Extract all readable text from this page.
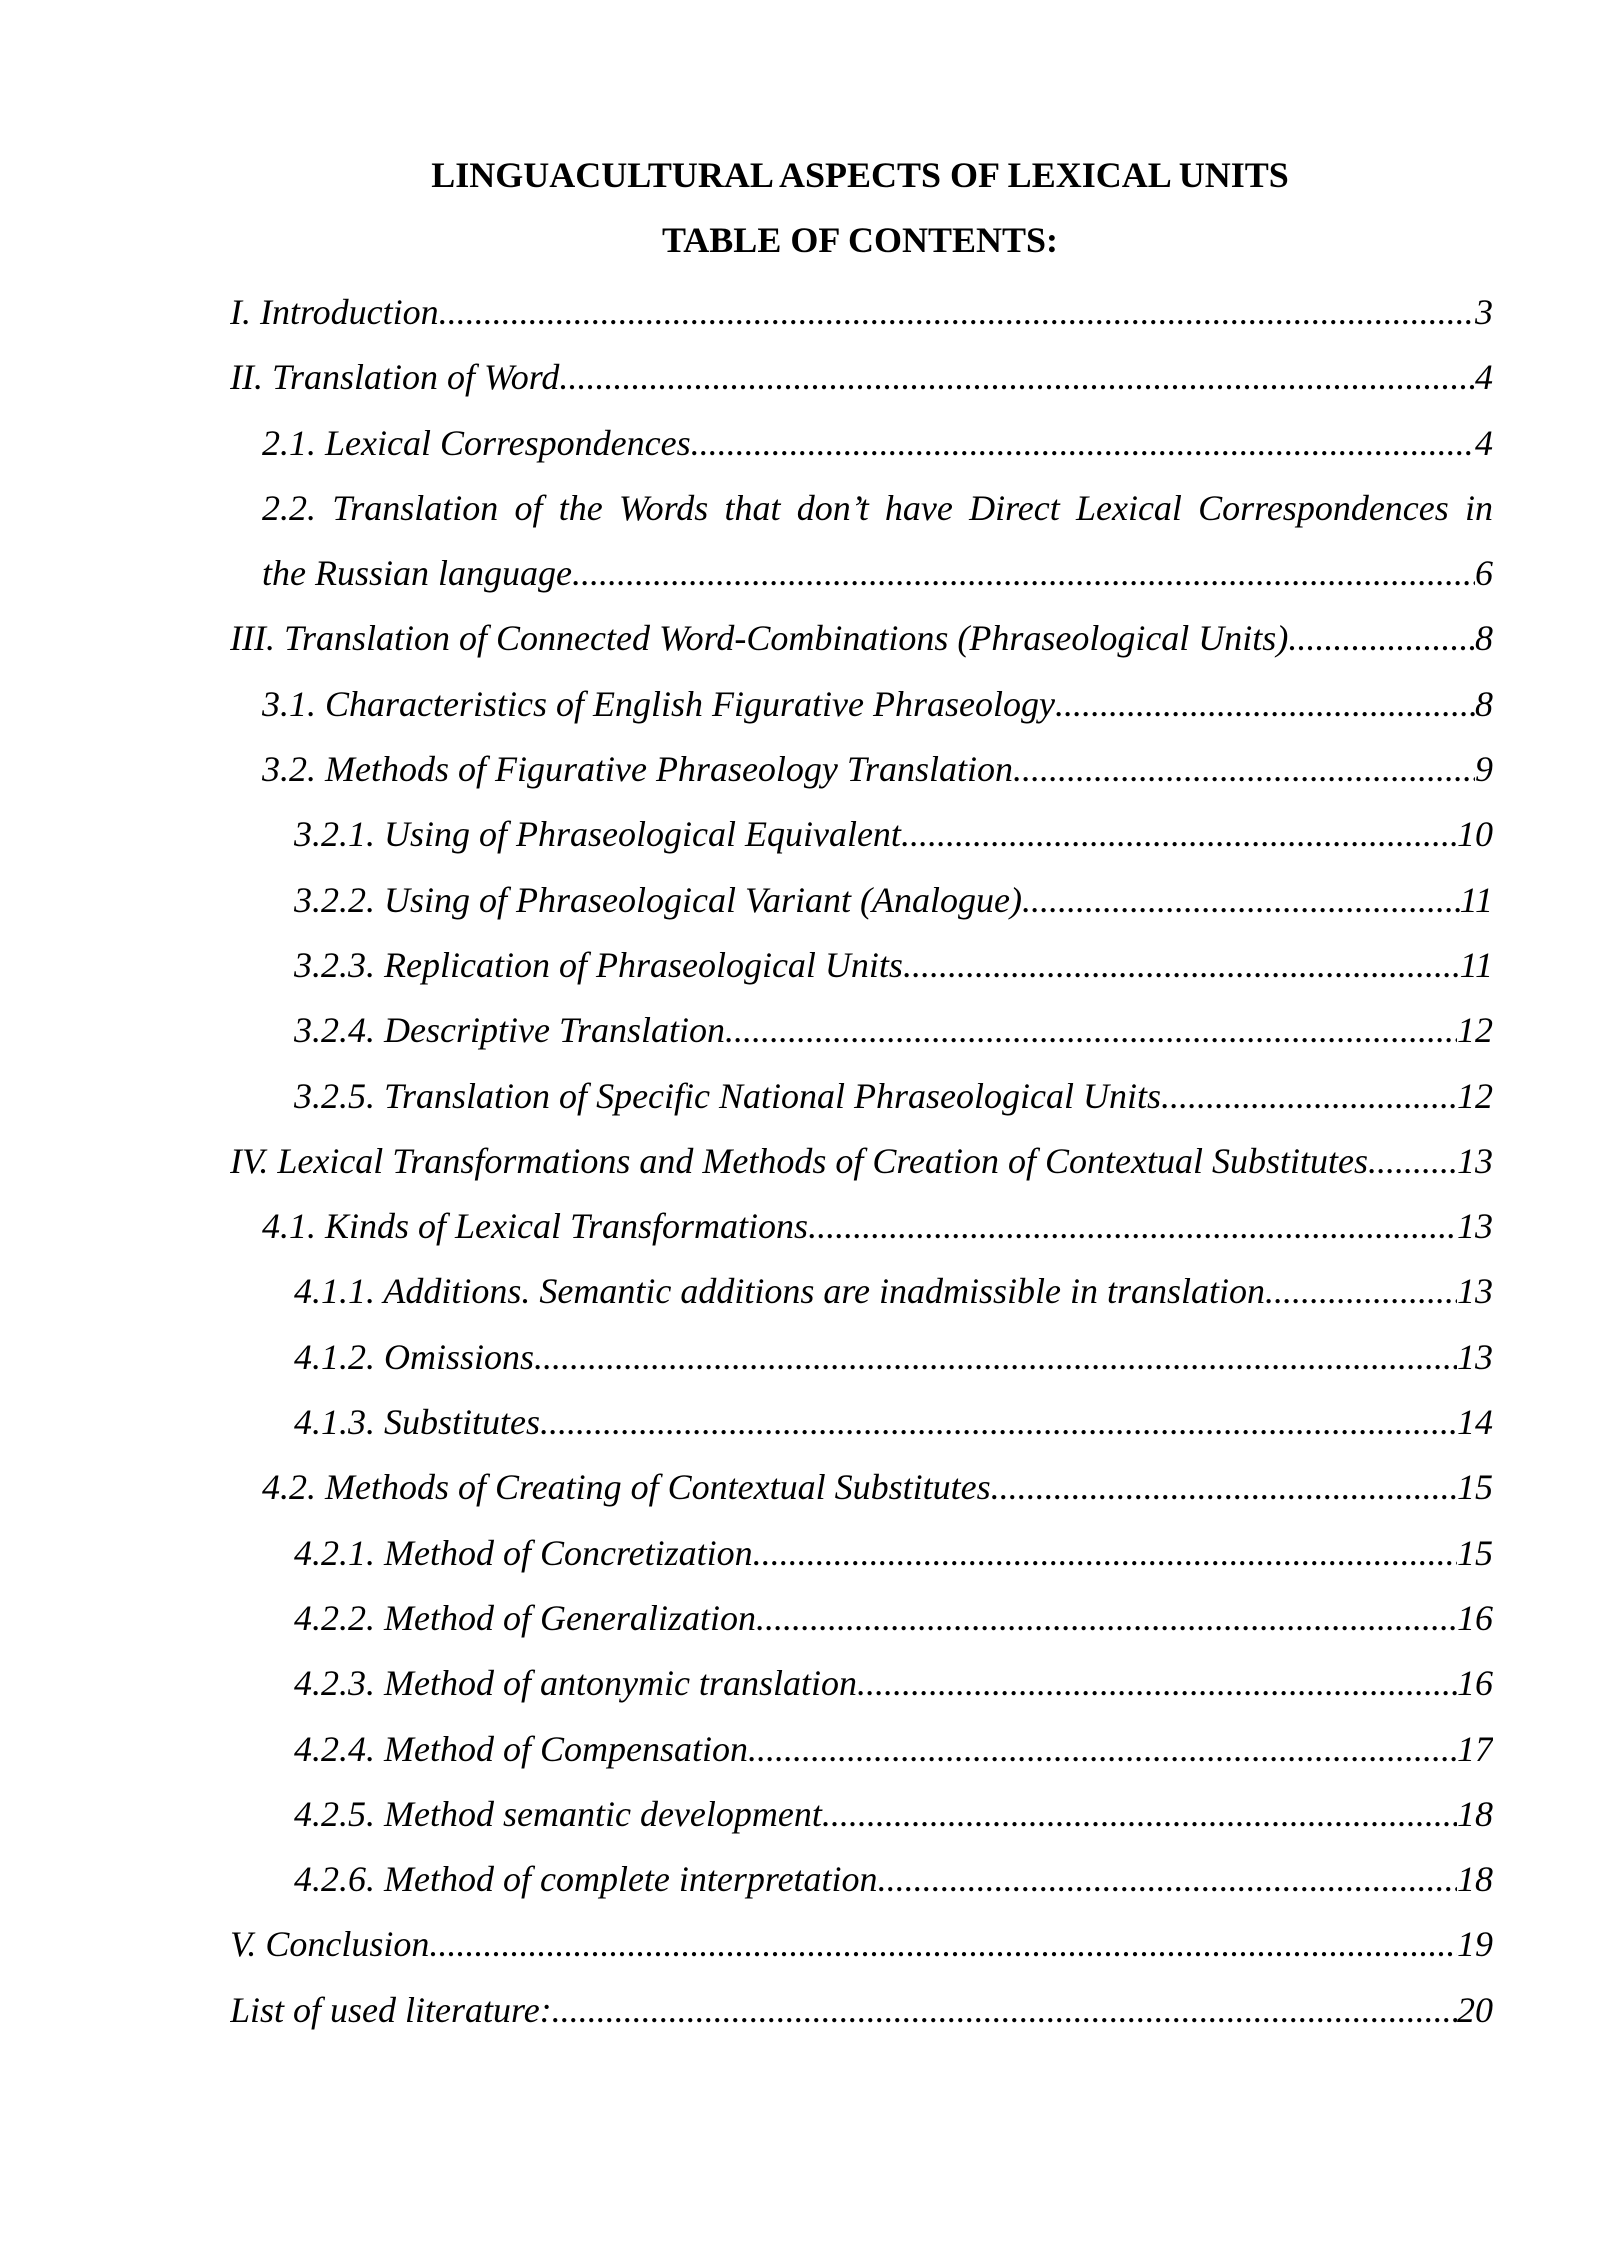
LINGUACULTURAL ASPECTS OF LEXICAL UNITS
TABLE OF CONTENTS:
I. Introduction .....	3
II. Translation of Word .....	4
2.1. Lexical Correspondences .....	4
2.2. Translation of the Words that don’t have Direct Lexical Correspondences in
the Russian language .....	6
III. Translation of Connected Word-Combinations (Phraseological Units) .....	8
3.1. Characteristics of English Figurative Phraseology .....	8
3.2. Methods of Figurative Phraseology Translation .....	9
3.2.1. Using of Phraseological Equivalent .....	10
3.2.2. Using of Phraseological Variant (Analogue) .....	11
3.2.3. Replication of Phraseological Units .....	11
3.2.4. Descriptive Translation .....	12
3.2.5. Translation of Specific National Phraseological Units .....	12
IV. Lexical Transformations and Methods of Creation of Contextual Substitutes ..... 13
4.1. Kinds of Lexical Transformations .....	13
4.1.1. Additions. Semantic additions are inadmissible in translation .....	13
4.1.2. Omissions .....	13
4.1.3. Substitutes .....	14
4.2. Methods of Creating of Contextual Substitutes .....	15
4.2.1. Method of Concretization .....	15
4.2.2. Method of Generalization .....	16
4.2.3. Method of antonymic translation .....	16
4.2.4. Method of Compensation .....	17
4.2.5. Method semantic development .....	18
4.2.6. Method of complete interpretation .....	18
V. Conclusion .....	19
List of used literature: .....	20
